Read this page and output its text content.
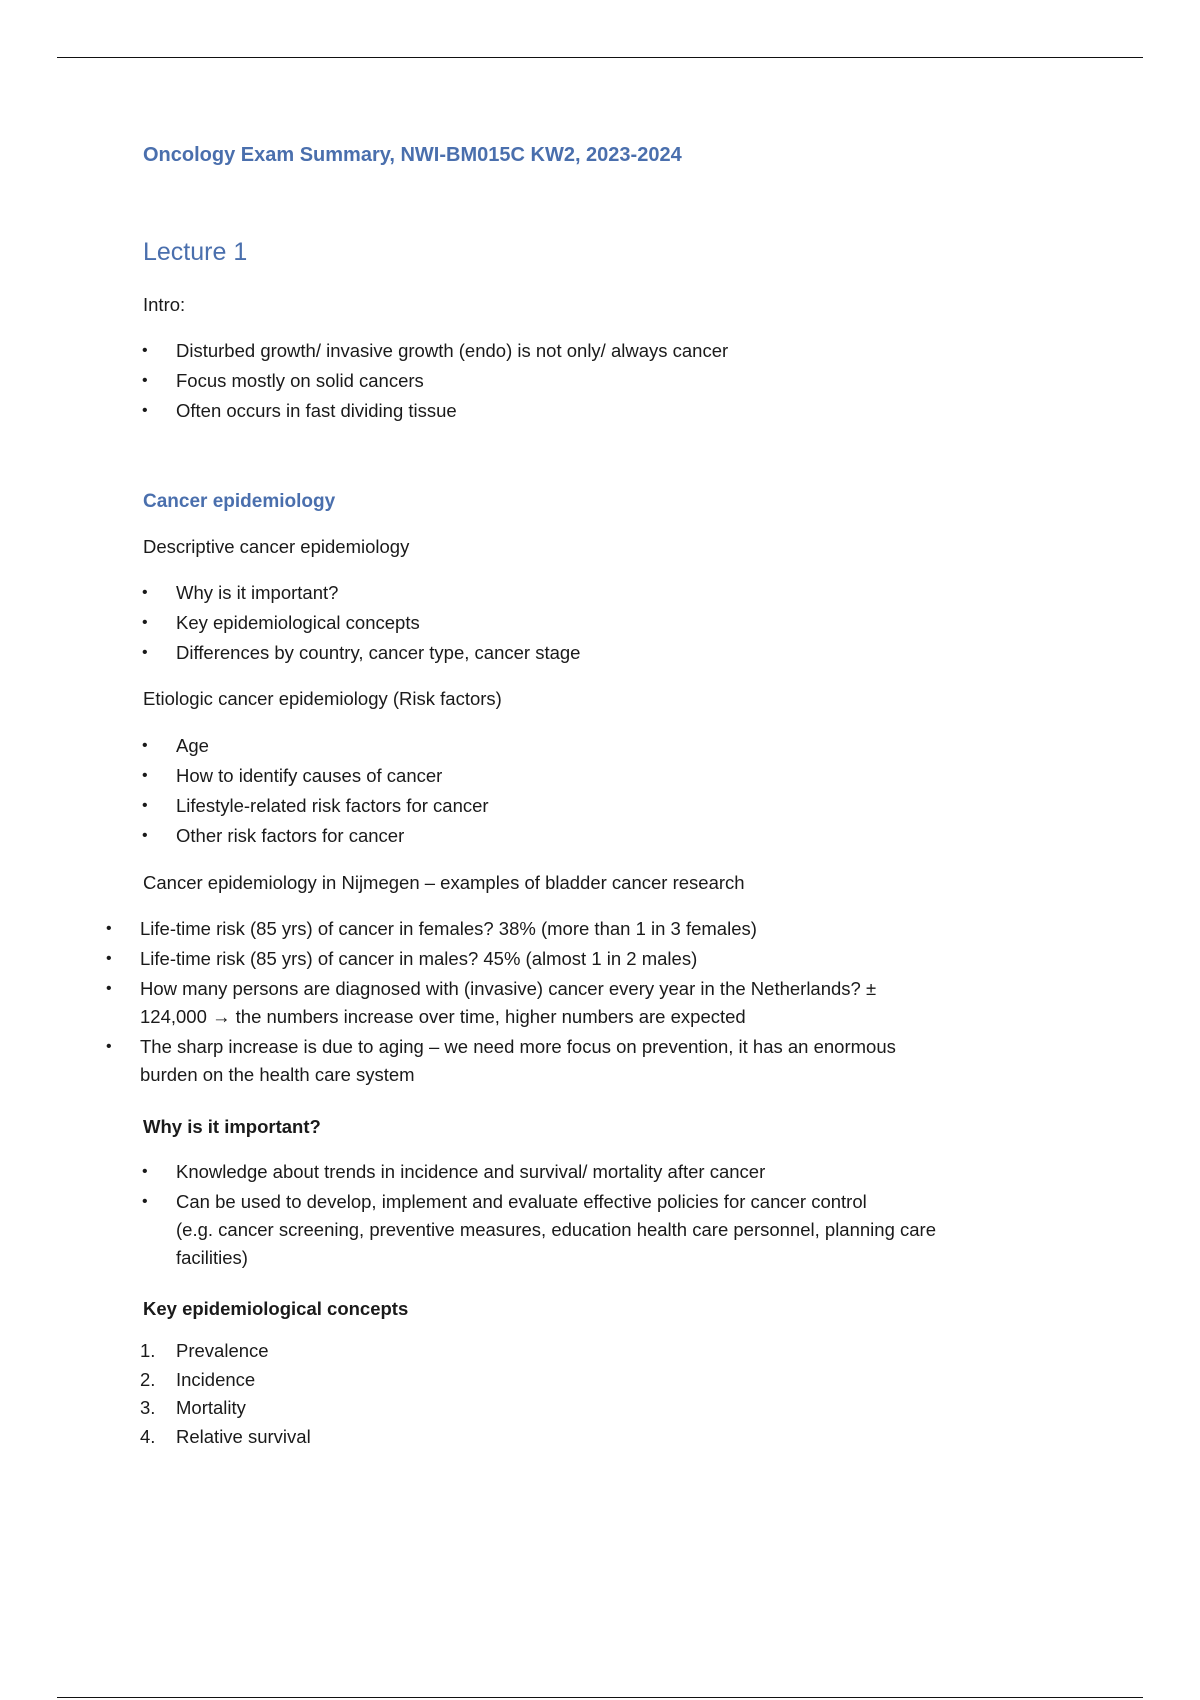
Oncology Exam Summary, NWI-BM015C KW2, 2023-2024
Lecture 1
Intro:
• Disturbed growth/ invasive growth (endo) is not only/ always cancer
• Focus mostly on solid cancers
• Often occurs in fast dividing tissue
Cancer epidemiology
Descriptive cancer epidemiology
• Why is it important?
• Key epidemiological concepts
• Differences by country, cancer type, cancer stage
Etiologic cancer epidemiology (Risk factors)
• Age
• How to identify causes of cancer
• Lifestyle-related risk factors for cancer
• Other risk factors for cancer
Cancer epidemiology in Nijmegen – examples of bladder cancer research
• Life-time risk (85 yrs) of cancer in females? 38% (more than 1 in 3 females)
• Life-time risk (85 yrs) of cancer in males? 45% (almost 1 in 2 males)
• How many persons are diagnosed with (invasive) cancer every year in the Netherlands? ±
124,000 → the numbers increase over time, higher numbers are expected
• The sharp increase is due to aging – we need more focus on prevention, it has an enormous
burden on the health care system
Why is it important?
• Knowledge about trends in incidence and survival/ mortality after cancer
• Can be used to develop, implement and evaluate effective policies for cancer control
(e.g. cancer screening, preventive measures, education health care personnel, planning care
facilities)
Key epidemiological concepts
1. Prevalence
2. Incidence
3. Mortality
4. Relative survival
